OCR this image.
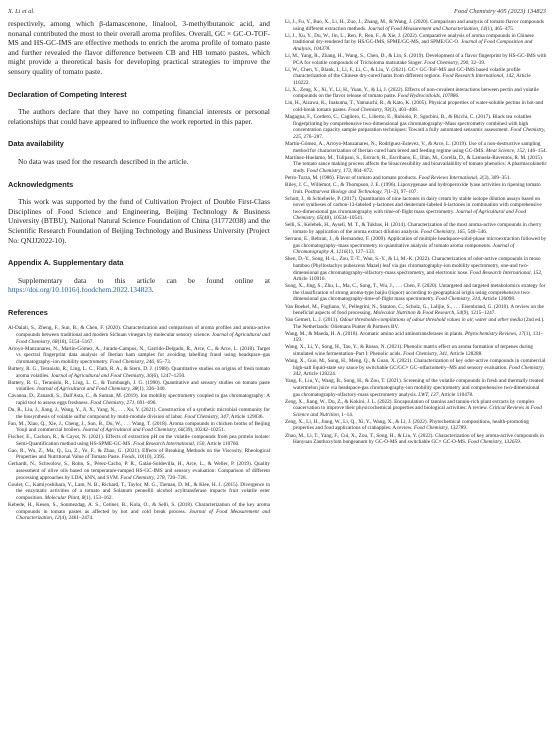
X. Li et al.	Food Chemistry 405 (2023) 134823

respectively, among which β-damascenone, linalool, 3-methylbutanoic acid, and nonanal contributed the most to their overall aroma profiles. Overall, GC × GC-O-TOF-MS and HS-GC-IMS are effective methods to enrich the aroma profile of tomato paste and further revealed the flavor difference between CB and HB tomato pastes, which might provide a theoretical basis for developing practical strategies to improve the sensory quality of tomato paste.

Declaration of Competing Interest

The authors declare that they have no competing financial interests or personal relationships that could have appeared to influence the work reported in this paper.

Data availability

No data was used for the research described in the article.

Acknowledgments

This work was supported by the fund of Cultivation Project of Double First-Class Disciplines of Food Science and Engineering, Beijing Technology & Business University (BTBU), National Natural Science Foundation of China (31772038) and the Scientific Research Foundation of Beijing Technology and Business University (Project No: QNJJ2022-10).

Appendix A. Supplementary data

Supplementary data to this article can be found online at https://doi.org/10.1016/j.foodchem.2022.134823.

References
Al-Dalali, S., Zheng, F., Sun, B., & Chen, F. (2020). Characterization and comparison of aroma profiles and aroma-active compounds between traditional and modern Sichuan vinegars by molecular sensory science. Journal of Agricultural and Food Chemistry, 68(18), 5154–5167.
Arroyo-Manzanares, N., Martín-Gómez, A., Jurado-Campos, N., Garrido-Delgado, R., Arce, C., & Arce, L. (2018). Target vs spectral fingerprint data analysis of Iberian ham samples for avoiding labelling fraud using headspace–gas chromatography–ion mobility spectrometry. Food Chemistry, 246, 65–73.
Buttery, R. G., Teranishi, R., Ling, L. C., Flath, R. A., & Stern, D. J. (1988). Quantitative studies on origins of fresh tomato aroma volatiles. Journal of Agricultural and Food Chemistry, 36(6), 1247–1250.
Buttery, R. G., Teranishi, R., Ling, L. C., & Turnbaugh, J. G. (1990). Quantitative and sensory studies on tomato paste volatiles. Journal of Agricultural and Food Chemistry, 38(1), 336–340.
Cavanna, D., Zanardi, S., Dall'Asta, C., & Suman, M. (2019). Ion mobility spectrometry coupled to gas chromatography: A rapid tool to assess eggs freshness. Food Chemistry, 271, 691–696.
Du, R., Liu, J., Jiang, J., Wang, Y., Ji, X., Yang, N., . . . Xu, Y. (2021). Construction of a synthetic microbial community for the biosynthesis of volatile sulfur compound by multi-module division of labor. Food Chemistry, 347, Article 129036.
Fan, M., Xiao, Q., Xie, J., Cheng, J., Sun, B., Du, W., . . . Wang, T. (2018). Aroma compounds in chicken broths of Beijing Youji and commercial broilers. Journal of Agricultural and Food Chemistry, 66(39), 10242–10251.
Fischer, E., Cachon, R., & Cayot, N. (2021). Effects of extraction pH on the volatile compounds from pea protein isolate: Semi-Quantification method using HS-SPME-GC-MS. Food Research International, 150, Article 110760.
Gao, R., Wu, Z., Ma, Q., Lu, Z., Ye, F., & Zhao, G. (2021). Effects of Breaking Methods on the Viscosity, Rheological Properties and Nutritional Value of Tomato Paste. Foods, 10(10), 2395.
Gerhardt, N., Schwolow, S., Rohn, S., Pérez-Cacho, P. R., Galán-Soldevilla, H., Arce, L., & Weller, P. (2019). Quality assessment of olive oils based on temperature-ramped HS-GC-IMS and sensory evaluation: Comparison of different processing approaches by LDA, kNN, and SVM. Food Chemistry, 278, 720–728.
Goulet, C., Kamiyoshihara, Y., Lam, N. B., Richard, T., Taylor, M. G., Tieman, D. M., & Klee, H. J. (2015). Divergence in the enzymatic activities of a tomato and Solanum pennellii alcohol acyltransferase impacts fruit volatile ester composition. Molecular Plant, 8(1), 153–162.
Kebede, H., Kesen, S., Sonmezdag, A. S., Cetiner, B., Kola, O., & Selli, S. (2018). Characterization of the key aroma compounds in tomato pastes as affected by hot and cold break process. Journal of Food Measurement and Characterization, 12(4), 2461–2474.
Li, J., Fu, Y., Bao, X., Li, H., Zuo, J., Zhang, M., & Wang, J. (2020). Comparison and analysis of tomato flavor compounds using different extraction methods. Journal of Food Measurement and Characterization, 14(1), 465–475.
Li, J., Xu, Y., Du, W., Jin, L., Ren, P., Ren, F., & Xie, J. (2022). Comparative analysis of aroma compounds in Chinese traditional dry-rendered fat by HS/GC-IMS, SPME/GC-MS, and SPME/GC-O. Journal of Food Composition and Analysis, 104378.
Li, M., Yang, R., Zhang, H., Wang, S., Chen, D., & Lin, S. (2019). Development of a flavor fingerprint by HS-GC-IMS with PCA for volatile compounds of Tricholoma matsutake Singer. Food Chemistry, 290, 32–39.
Li, W., Chen, Y., Blank, I., Li, F., Li, C., & Liu, Y. (2021). GC× GC-ToF-MS and GC-IMS based volatile profile characterization of the Chinese dry-cured hams from different regions. Food Research International, 142, Article 110222.
Li, X., Zeng, X., Xi, Y., Li, H., Yuan, Y., & Li, J. (2022). Effects of non-covalent interactions between pectin and volatile compounds on the flavor release of tomato paste. Food Hydrocolloids, 107886.
Lin, H., Aizawa, K., Inakuma, T., Yamauchi, R., & Kato, K. (2005). Physical properties of water-soluble pectins in hot-and cold-break tomato pastes. Food Chemistry, 93(3), 403–408.
Magagna, F., Cordero, C., Cagliero, C., Liberto, E., Rubiolo, P., Sgorbini, B., & Bicchi, C. (2017). Black tea volatiles fingerprinting by comprehensive two-dimensional gas chromatography–Mass spectrometry combined with high concentration capacity sample preparation techniques: Toward a fully automated sensomic assessment. Food Chemistry, 225, 276–287.
Martín-Gómez, A., Arroyo-Manzanares, N., Rodríguez-Estevez, V., & Arce, L. (2019). Use of a non-destructive sampling method for characterization of Iberian cured ham breed and feeding regime using GC-IMS. Meat Science, 152, 146–154.
Martínez-Huelamo, M., Tulipani, S., Estruch, R., Escribano, E., Illán, M., Corella, D., & Lamuela-Raventós, R. M. (2015). The tomato sauce making process affects the bioaccessibility and bioavailability of tomato phenolics: A pharmacokinetic study. Food Chemistry, 173, 864–872.
Petro-Turza, M. (1986). Flavor of tomato and tomato products. Food Reviews International, 2(3), 309–351.
Riley, J. C., Willemot, C., & Thompson, J. E. (1996). Lipoxygenase and hydroperoxide lyase activities in ripening tomato fruit. Postharvest Biology and Technology, 7(1–2), 97–107.
Schutt, J., & Schieberle, P. (2017). Quantitation of nine lactones in dairy cream by stable isotope dilution assays based on novel syntheses of carbon-13-labeled γ-lactones and deuterium-labeled δ-lactones in combination with comprehensive two-dimensional gas chromatography with time-of-flight mass spectrometry. Journal of Agricultural and Food Chemistry, 65(48), 10534–10541.
Selli, S., Kelebek, H., Ayseli, M. T., & Tokbas, H. (2014). Characterization of the most aroma-active compounds in cherry tomato by application of the aroma extract dilution analysis. Food Chemistry, 165, 540–546.
Serrano, E., Beltran, J., & Hernandez, F. (2009). Application of multiple headspace-solid-phase microextraction followed by gas chromatography–mass spectrometry to quantitative analysis of tomato aroma components. Journal of Chromatography A, 1216(1), 127–133.
Shen, D.-Y., Song, H.-L., Zou, T.-T., Wan, S.-Y., & Li, M.-K. (2022). Characterization of odor-active compounds in moso bamboo (Phyllostachys pubescens Mazel) leaf via gas chromatography-ion mobility spectrometry, one-and two-dimensional gas chromatography-olfactory-mass spectrometry, and electronic nose. Food Research International, 152, Article 110916.
Song, X., Jing, S., Zhu, L., Ma, C., Song, T., Wu, J., . . . Chen, F. (2020). Untargeted and targeted metabolomics strategy for the classification of strong aroma-type baijiu (liquor) according to geographical origin using comprehensive two-dimensional gas chromatography-time-of-flight mass spectrometry. Food Chemistry, 314, Article 126098.
Van Boekel, M., Fogliano, V., Pellegrini, N., Stanton, C., Scholz, G., Lalljie, S., . . . Eisenbrand, G. (2010). A review on the beneficial aspects of food processing. Molecular Nutrition & Food Research, 54(9), 1215–1247.
Van Gemert, L. J. (2011). Odour thresholds-compilations of odour threshold values in air, water and other media (2nd ed.). The Netherlands: Oliemans Punter & Partners BV.
Wang, M., & Maeda, H. A. (2018). Aromatic amino acid aminotransferases in plants. Phytochemistry Reviews, 17(1), 131–159.
Wang, X., Li, Y., Song, H., Tao, Y., & Russo, N. (2021). Phenolic matrix effect on aroma formation of terpenes during simulated wine fermentation–Part I: Phenolic acids. Food Chemistry, 341, Article 128288.
Wang, X., Guo, M., Song, H., Meng, Q., & Guan, X. (2021). Characterization of key odor-active compounds in commercial high-salt liquid-state soy sauce by switchable GC/GC× GC–olfactometry–MS and sensory evaluation. Food Chemistry, 342, Article 128224.
Yang, F., Liu, Y., Wang, B., Song, H., & Zou, T. (2021). Screening of the volatile compounds in fresh and thermally treated watermelon juice via headspace-gas chromatography-ion mobility spectrometry and comprehensive two-dimensional gas chromatography-olfactory-mass spectrometry analysis. LWT, 137, Article 110478.
Zeng, X., Jiang, W., Du, Z., & Kokini, J. L. (2022). Encapsulation of tannins and tannin-rich plant extracts by complex coacervation to improve their physicochemical properties and biological activities: A review. Critical Reviews in Food Science and Nutrition, 1–14.
Zeng, X., Li, H., Jiang, W., Li, Q., Xi, Y., Wang, X., & Li, J. (2022). Phytochemical compositions, health-promoting properties and food applications of crabapples: A review. Food Chemistry, 132789.
Zhao, M., Li, T., Yang, F., Cui, X., Zou, T., Song, H., & Liu, Y. (2022). Characterization of key aroma-active compounds in Hanyuan Zanthoxylum bungeanum by GC-O-MS and switchable GC× GC-O-MS. Food Chemistry, 132659.
